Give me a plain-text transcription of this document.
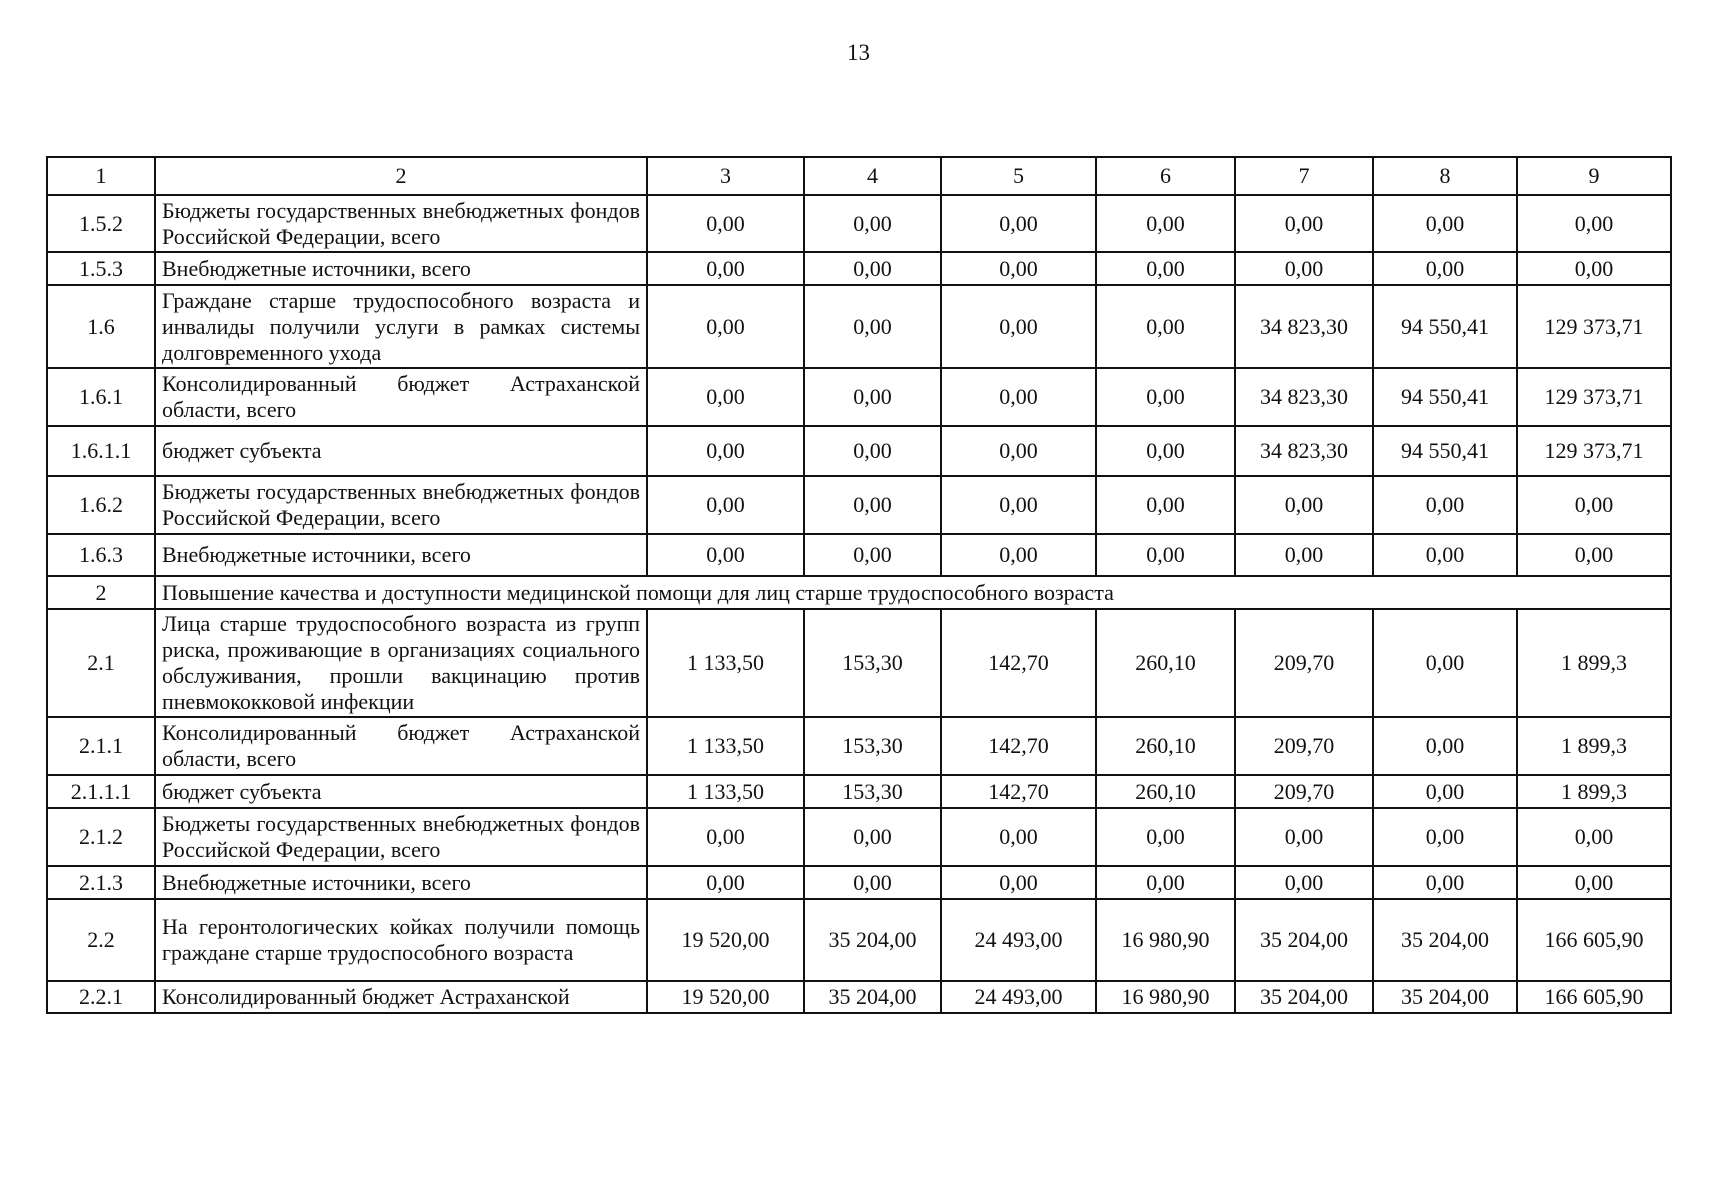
13
1	2	3	4	5	6	7	8	9
1.5.2	Бюджеты государственных внебюджетных фондов Российской Федерации, всего	0,00	0,00	0,00	0,00	0,00	0,00	0,00
1.5.3	Внебюджетные источники, всего	0,00	0,00	0,00	0,00	0,00	0,00	0,00
1.6	Граждане старше трудоспособного возраста и инвалиды получили услуги в рамках системы долговременного ухода	0,00	0,00	0,00	0,00	34 823,30	94 550,41	129 373,71
1.6.1	Консолидированный бюджет Астраханской области, всего	0,00	0,00	0,00	0,00	34 823,30	94 550,41	129 373,71
1.6.1.1	бюджет субъекта	0,00	0,00	0,00	0,00	34 823,30	94 550,41	129 373,71
1.6.2	Бюджеты государственных внебюджетных фондов Российской Федерации, всего	0,00	0,00	0,00	0,00	0,00	0,00	0,00
1.6.3	Внебюджетные источники, всего	0,00	0,00	0,00	0,00	0,00	0,00	0,00
2	Повышение качества и доступности медицинской помощи для лиц старше трудоспособного возраста							
2.1	Лица старше трудоспособного возраста из групп риска, проживающие в организациях социального обслуживания, прошли вакцинацию против пневмококковой инфекции	1 133,50	153,30	142,70	260,10	209,70	0,00	1 899,3
2.1.1	Консолидированный бюджет Астраханской области, всего	1 133,50	153,30	142,70	260,10	209,70	0,00	1 899,3
2.1.1.1	бюджет субъекта	1 133,50	153,30	142,70	260,10	209,70	0,00	1 899,3
2.1.2	Бюджеты государственных внебюджетных фондов Российской Федерации, всего	0,00	0,00	0,00	0,00	0,00	0,00	0,00
2.1.3	Внебюджетные источники, всего	0,00	0,00	0,00	0,00	0,00	0,00	0,00
2.2	На геронтологических койках получили помощь граждане старше трудоспособного возраста	19 520,00	35 204,00	24 493,00	16 980,90	35 204,00	35 204,00	166 605,90
2.2.1	Консолидированный бюджет Астраханской	19 520,00	35 204,00	24 493,00	16 980,90	35 204,00	35 204,00	166 605,90
